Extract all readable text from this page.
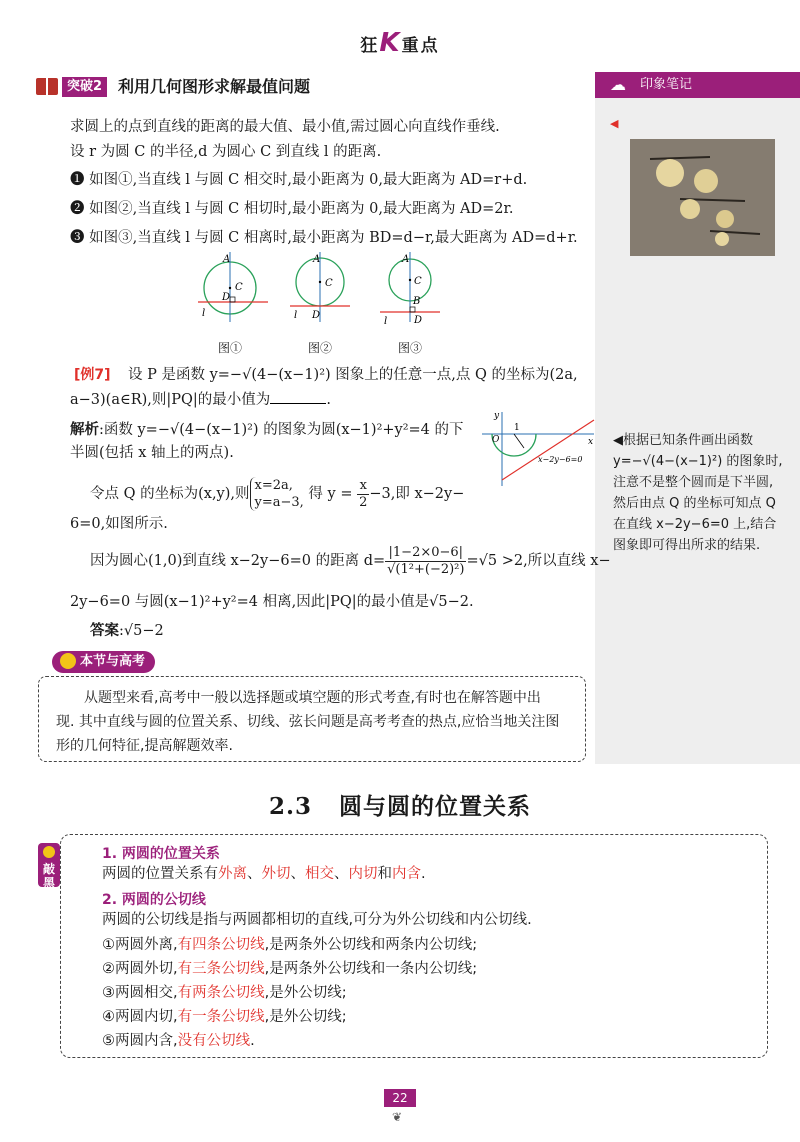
狂K重点
突破2 利用几何图形求解最值问题	☁ 印象笔记
◀
◀根据已知条件画出函数 y=−√(4−(x−1)²) 的图象时,注意不是整个圆而是下半圆,然后由点 Q 的坐标可知点 Q 在直线 x−2y−6=0 上,结合图象即可得出所求的结果.
求圆上的点到直线的距离的最大值、最小值,需过圆心向直线作垂线.
设 r 为圆 C 的半径,d 为圆心 C 到直线 l 的距离.
❶ 如图①,当直线 l 与圆 C 相交时,最小距离为 0,最大距离为 AD=r+d.
❷ 如图②,当直线 l 与圆 C 相切时,最小距离为 0,最大距离为 AD=2r.
❸ 如图③,当直线 l 与圆 C 相离时,最小距离为 BD=d−r,最大距离为 AD=d+r.
A
C
D
l
A
C
D
l
A
C
B
D
l
图①	图②	图③
[例7] 设 P 是函数 y=−√(4−(x−1)²) 图象上的任意一点,点 Q 的坐标为(2a,
a−3)(a∈R),则|PQ|的最小值为	.
解析:函数 y=−√(4−(x−1)²) 的图象为圆(x−1)²+y²=4 的下
半圆(包括 x 轴上的两点).
O
1
x
y
x−2y−6=0
令点 Q 的坐标为(x,y),则
x=2a,
y=a−3,
得 $y = \frac{x}{2} -3$,即 x−2y−
6=0,如图所示.
因为圆心(1,0)到直线 x−2y−6=0 的距离 $d= \frac{|1-2\times 0-6|}{\text{√(1²+(−2)²)}} =√5 >2$,所以直线 x−
2y−6=0 与圆(x−1)²+y²=4 相离,因此|PQ|的最小值是√5−2.
答案:√5−2
本节与高考
从题型来看,高考中一般以选择题或填空题的形式考查,有时也在解答题中出
现. 其中直线与圆的位置关系、切线、弦长问题是高考考查的热点,应恰当地关注图
形的几何特征,提高解题效率.
2.3 圆与圆的位置关系
敲黑板
1. 两圆的位置关系
两圆的位置关系有外离、外切、相交、内切和内含.
2. 两圆的公切线
两圆的公切线是指与两圆都相切的直线,可分为外公切线和内公切线.
①两圆外离,有四条公切线,是两条外公切线和两条内公切线;
②两圆外切,有三条公切线,是两条外公切线和一条内公切线;
③两圆相交,有两条公切线,是外公切线;
④两圆内切,有一条公切线,是外公切线;
⑤两圆内含,没有公切线.
22
❦
